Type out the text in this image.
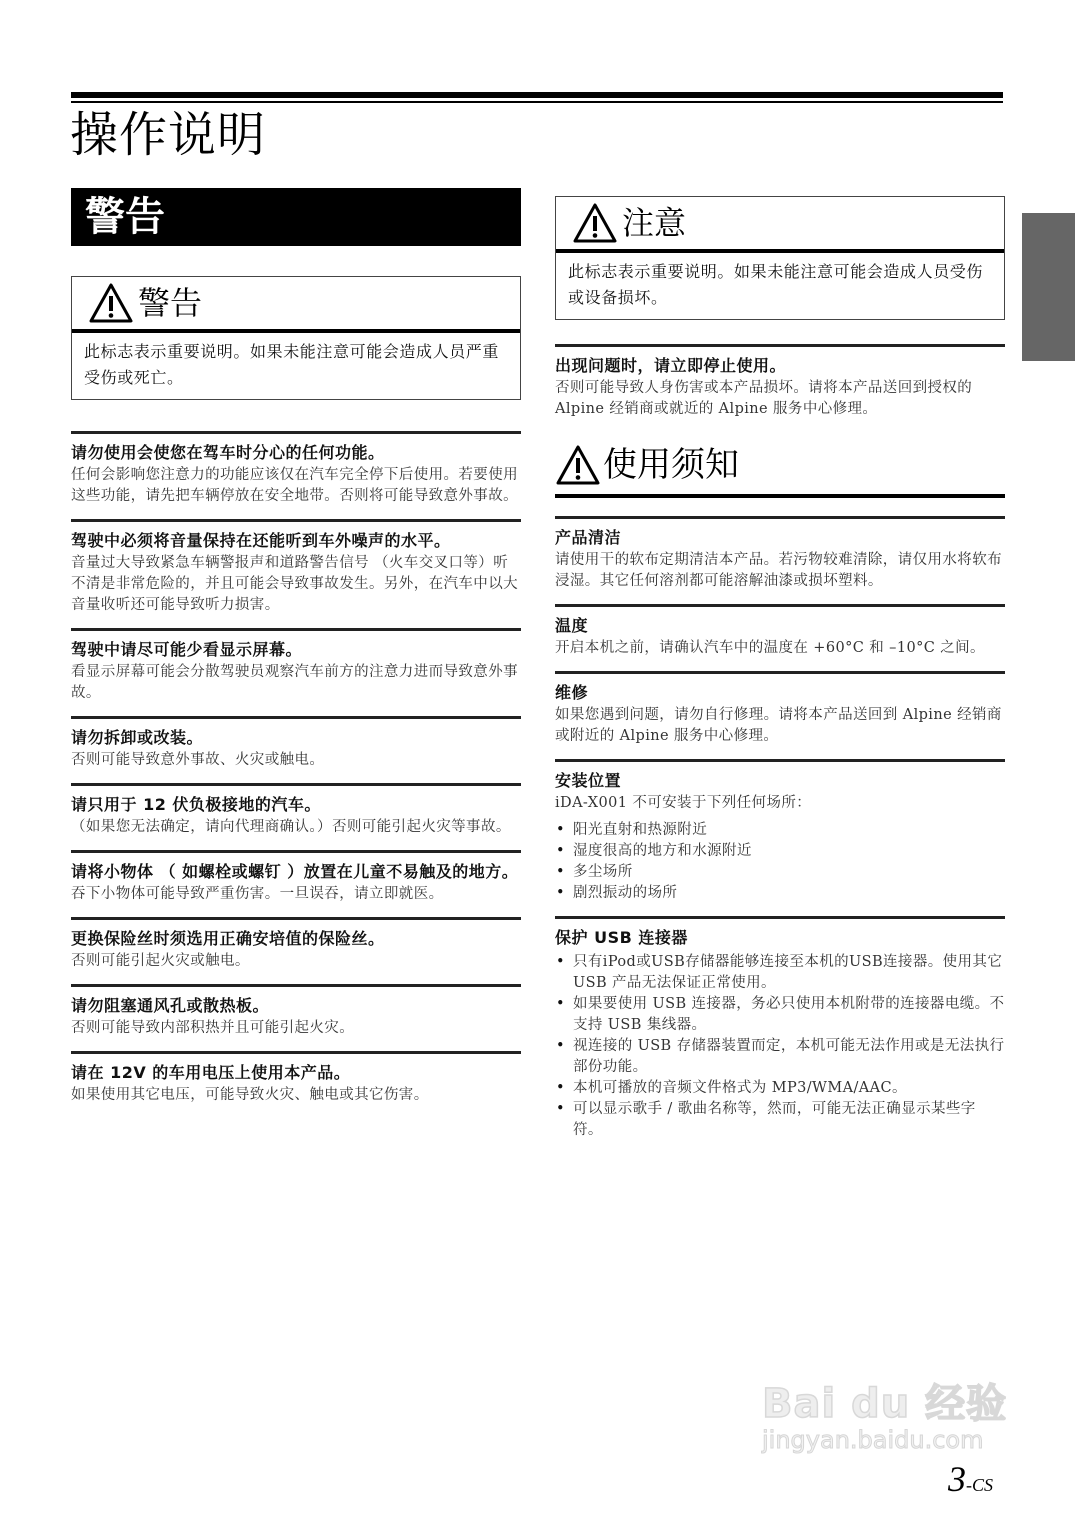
操作说明
警告
警告
此标志表示重要说明。如果未能注意可能会造成人员严重受伤或死亡。
请勿使用会使您在驾车时分心的任何功能。
任何会影响您注意力的功能应该仅在汽车完全停下后使用。若要使用这些功能，请先把车辆停放在安全地带。否则将可能导致意外事故。
驾驶中必须将音量保持在还能听到车外噪声的水平。
音量过大导致紧急车辆警报声和道路警告信号 （火车交叉口等）听不清是非常危险的，并且可能会导致事故发生。另外，在汽车中以大音量收听还可能导致听力损害。
驾驶中请尽可能少看显示屏幕。
看显示屏幕可能会分散驾驶员观察汽车前方的注意力进而导致意外事故。
请勿拆卸或改装。
否则可能导致意外事故、火灾或触电。
请只用于 12 伏负极接地的汽车。
（如果您无法确定，请向代理商确认。）否则可能引起火灾等事故。
请将小物体 （ 如螺栓或螺钉 ）放置在儿童不易触及的地方。
吞下小物体可能导致严重伤害。一旦误吞，请立即就医。
更换保险丝时须选用正确安培值的保险丝。
否则可能引起火灾或触电。
请勿阻塞通风孔或散热板。
否则可能导致内部积热并且可能引起火灾。
请在 12V 的车用电压上使用本产品。
如果使用其它电压，可能导致火灾、触电或其它伤害。
注意
此标志表示重要说明。如果未能注意可能会造成人员受伤或设备损坏。
出现问题时，请立即停止使用。
否则可能导致人身伤害或本产品损坏。请将本产品送回到授权的 Alpine 经销商或就近的 Alpine 服务中心修理。
使用须知
产品清洁
请使用干的软布定期清洁本产品。若污物较难清除，请仅用水将软布浸湿。其它任何溶剂都可能溶解油漆或损坏塑料。
温度
开启本机之前，请确认汽车中的温度在 +60°C 和 –10°C 之间。
维修
如果您遇到问题，请勿自行修理。请将本产品送回到 Alpine 经销商或附近的 Alpine 服务中心修理。
安装位置
iDA-X001 不可安装于下列任何场所：
• 阳光直射和热源附近
• 湿度很高的地方和水源附近
• 多尘场所
• 剧烈振动的场所
保护 USB 连接器
• 只有iPod或USB存储器能够连接至本机的USB连接器。使用其它 USB 产品无法保证正常使用。
• 如果要使用 USB 连接器，务必只使用本机附带的连接器电缆。不支持 USB 集线器。
• 视连接的 USB 存储器装置而定，本机可能无法作用或是无法执行部份功能。
• 本机可播放的音频文件格式为 MP3/WMA/AAC。
• 可以显示歌手 / 歌曲名称等，然而，可能无法正确显示某些字符。
Bai du 经验
jingyan.baidu.com
3-CS
